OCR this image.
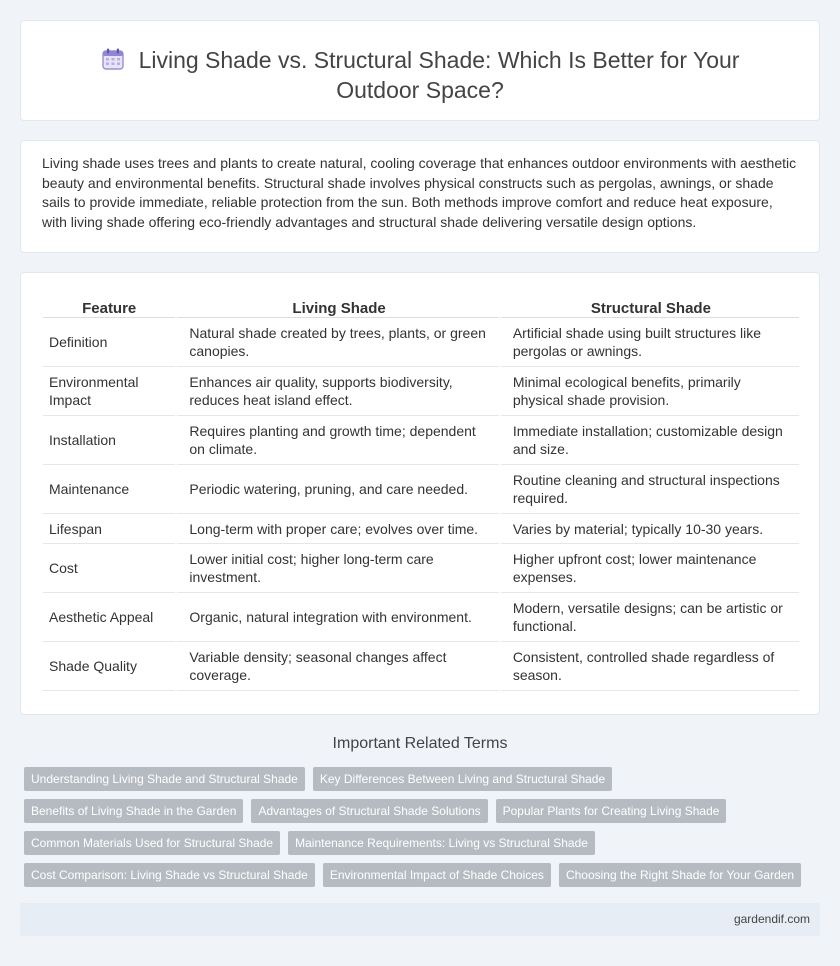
Living Shade vs. Structural Shade: Which Is Better for Your
Outdoor Space?

Living shade uses trees and plants to create natural, cooling coverage that enhances outdoor environments with aesthetic beauty and environmental benefits. Structural shade involves physical constructs such as pergolas, awnings, or shade sails to provide immediate, reliable protection from the sun. Both methods improve comfort and reduce heat exposure, with living shade offering eco-friendly advantages and structural shade delivering versatile design options.

Feature	Living Shade	Structural Shade
Definition	Natural shade created by trees, plants, or green canopies.	Artificial shade using built structures like pergolas or awnings.
Environmental Impact	Enhances air quality, supports biodiversity, reduces heat island effect.	Minimal ecological benefits, primarily physical shade provision.
Installation	Requires planting and growth time; dependent on climate.	Immediate installation; customizable design and size.
Maintenance	Periodic watering, pruning, and care needed.	Routine cleaning and structural inspections required.
Lifespan	Long-term with proper care; evolves over time.	Varies by material; typically 10-30 years.
Cost	Lower initial cost; higher long-term care investment.	Higher upfront cost; lower maintenance expenses.
Aesthetic Appeal	Organic, natural integration with environment.	Modern, versatile designs; can be artistic or functional.
Shade Quality	Variable density; seasonal changes affect coverage.	Consistent, controlled shade regardless of season.
Important Related Terms
Understanding Living Shade and Structural Shade Key Differences Between Living and Structural Shade
Benefits of Living Shade in the Garden Advantages of Structural Shade Solutions Popular Plants for Creating Living Shade
Common Materials Used for Structural Shade Maintenance Requirements: Living vs Structural Shade
Cost Comparison: Living Shade vs Structural Shade Environmental Impact of Shade Choices Choosing the Right Shade for Your Garden
gardendif.com
